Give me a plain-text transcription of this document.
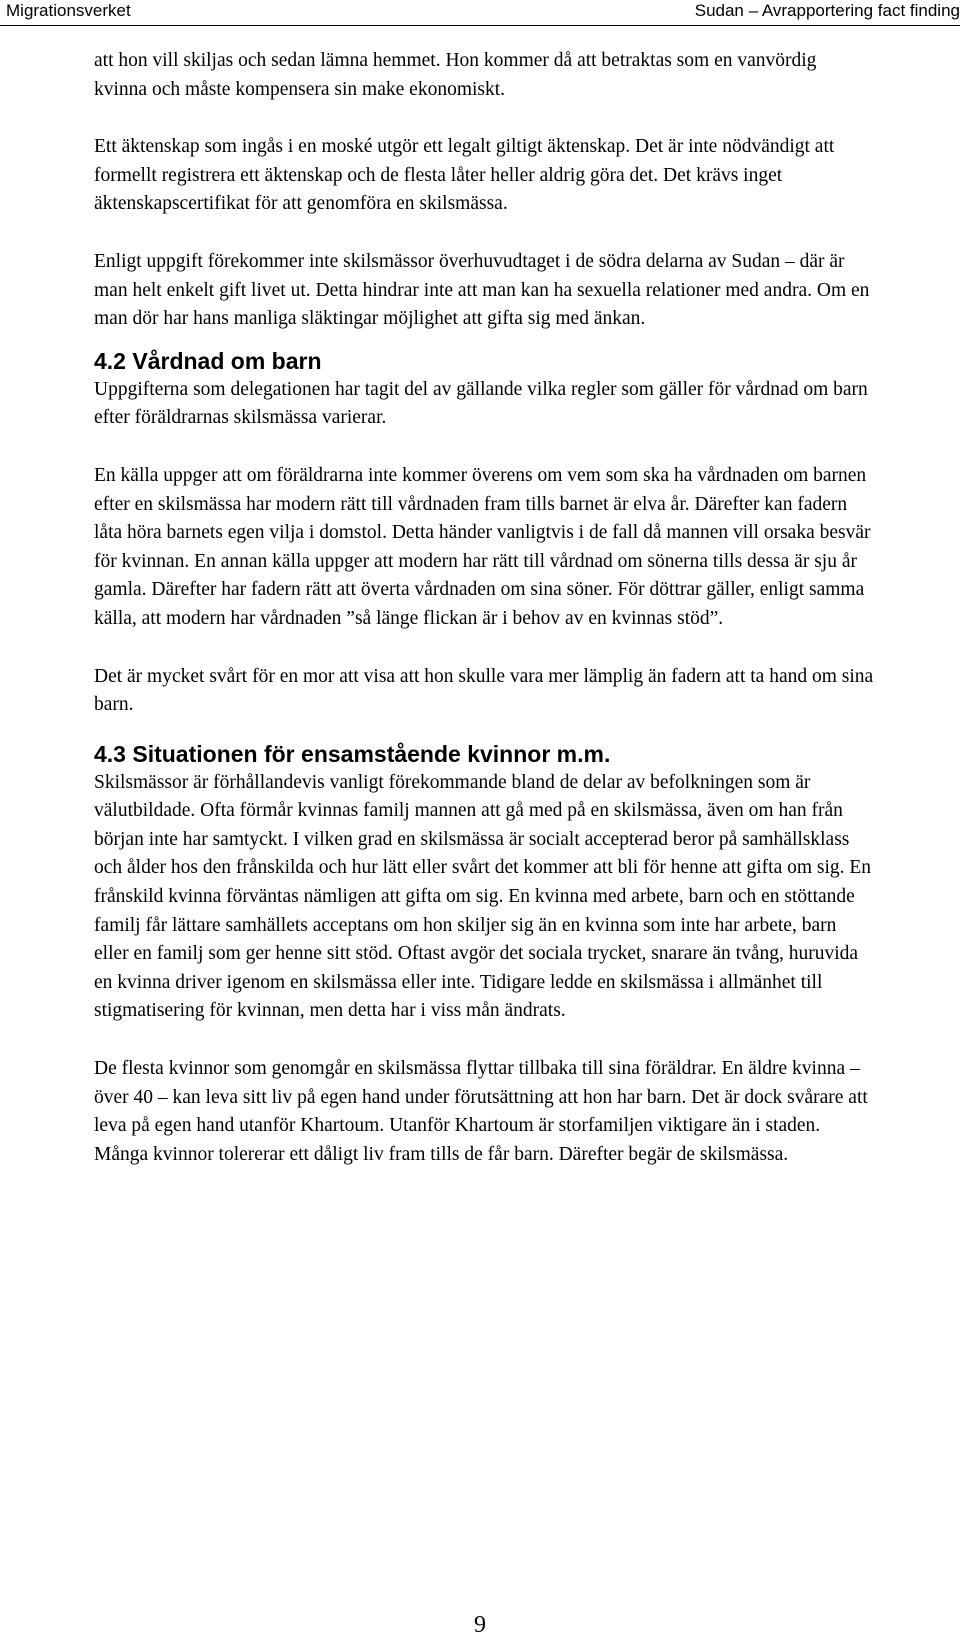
Migrationsverket	Sudan – Avrapportering fact finding

att hon vill skiljas och sedan lämna hemmet. Hon kommer då att betraktas som en vanvördig kvinna och måste kompensera sin make ekonomiskt.

Ett äktenskap som ingås i en moské utgör ett legalt giltigt äktenskap. Det är inte nödvändigt att formellt registrera ett äktenskap och de flesta låter heller aldrig göra det. Det krävs inget äktenskapscertifikat för att genomföra en skilsmässa.

Enligt uppgift förekommer inte skilsmässor överhuvudtaget i de södra delarna av Sudan – där är man helt enkelt gift livet ut. Detta hindrar inte att man kan ha sexuella relationer med andra. Om en man dör har hans manliga släktingar möjlighet att gifta sig med änkan.

4.2 Vårdnad om barn

Uppgifterna som delegationen har tagit del av gällande vilka regler som gäller för vårdnad om barn efter föräldrarnas skilsmässa varierar.

En källa uppger att om föräldrarna inte kommer överens om vem som ska ha vårdnaden om barnen efter en skilsmässa har modern rätt till vårdnaden fram tills barnet är elva år. Därefter kan fadern låta höra barnets egen vilja i domstol. Detta händer vanligtvis i de fall då mannen vill orsaka besvär för kvinnan. En annan källa uppger att modern har rätt till vårdnad om sönerna tills dessa är sju år gamla. Därefter har fadern rätt att överta vårdnaden om sina söner. För döttrar gäller, enligt samma källa, att modern har vårdnaden ”så länge flickan är i behov av en kvinnas stöd”.

Det är mycket svårt för en mor att visa att hon skulle vara mer lämplig än fadern att ta hand om sina barn.

4.3 Situationen för ensamstående kvinnor m.m.

Skilsmässor är förhållandevis vanligt förekommande bland de delar av befolkningen som är välutbildade. Ofta förmår kvinnas familj mannen att gå med på en skilsmässa, även om han från början inte har samtyckt. I vilken grad en skilsmässa är socialt accepterad beror på samhällsklass och ålder hos den frånskilda och hur lätt eller svårt det kommer att bli för henne att gifta om sig. En frånskild kvinna förväntas nämligen att gifta om sig. En kvinna med arbete, barn och en stöttande familj får lättare samhällets acceptans om hon skiljer sig än en kvinna som inte har arbete, barn eller en familj som ger henne sitt stöd. Oftast avgör det sociala trycket, snarare än tvång, huruvida en kvinna driver igenom en skilsmässa eller inte. Tidigare ledde en skilsmässa i allmänhet till stigmatisering för kvinnan, men detta har i viss mån ändrats.

De flesta kvinnor som genomgår en skilsmässa flyttar tillbaka till sina föräldrar. En äldre kvinna – över 40 – kan leva sitt liv på egen hand under förutsättning att hon har barn. Det är dock svårare att leva på egen hand utanför Khartoum. Utanför Khartoum är storfamiljen viktigare än i staden. Många kvinnor tolererar ett dåligt liv fram tills de får barn. Därefter begär de skilsmässa.

9
